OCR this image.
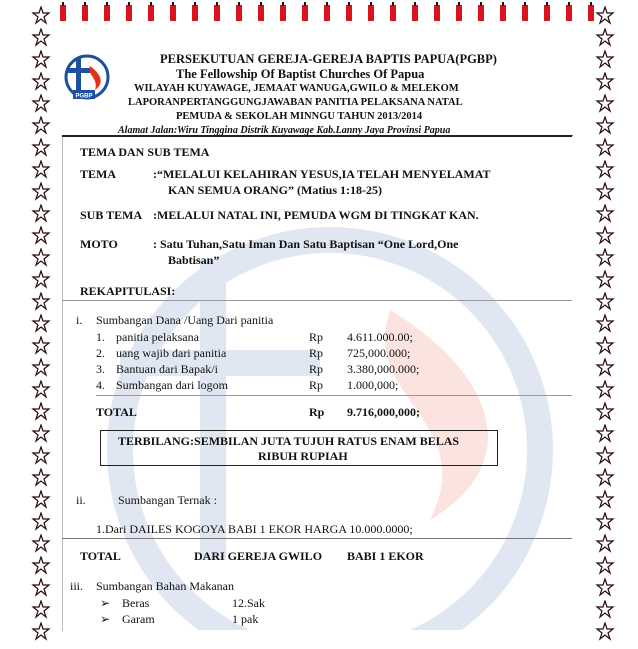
PGBP
PERSEKUTUAN GEREJA-GEREJA BAPTIS PAPUA(PGBP)
The Fellowship Of Baptist Churches Of Papua
WILAYAH KUYAWAGE, JEMAAT WANUGA,GWILO & MELEKOM
LAPORANPERTANGGUNGJAWABAN PANITIA PELAKSANA NATAL
PEMUDA & SEKOLAH MINNGU TAHUN 2013/2014
Alamat Jalan:Wiru Tinggina Distrik Kuyawage Kab.Lanny Jaya Provinsi Papua
TEMA DAN SUB TEMA
TEMA	:“MELALUI KELAHIRAN YESUS,IA TELAH MENYELAMAT
KAN SEMUA ORANG” (Matius 1:18-25)
SUB TEMA :MELALUI NATAL INI, PEMUDA WGM DI TINGKAT KAN.
MOTO	: Satu Tuhan,Satu Iman Dan Satu Baptisan “One Lord,One
Babtisan”
REKAPITULASI:
i. Sumbangan Dana /Uang Dari panitia
1. panitia pelaksana	Rp 4.611.000.00;
2. uang wajib dari panitia	Rp 725,000.000;
3. Bantuan dari Bapak/i	Rp 3.380,000.000;
4. Sumbangan dari logom	Rp 1.000,000;
TOTAL	Rp 9.716,000,000;
TERBILANG:SEMBILAN JUTA TUJUH RATUS ENAM BELAS
RIBUH RUPIAH
ii.	Sumbangan Ternak :
1.Dari DAILES KOGOYA BABI 1 EKOR HARGA 10.000.0000;
TOTAL	DARI GEREJA GWILO BABI 1 EKOR
iii. Sumbangan Bahan Makanan
➢ Beras	12.Sak
➢ Garam	1 pak
